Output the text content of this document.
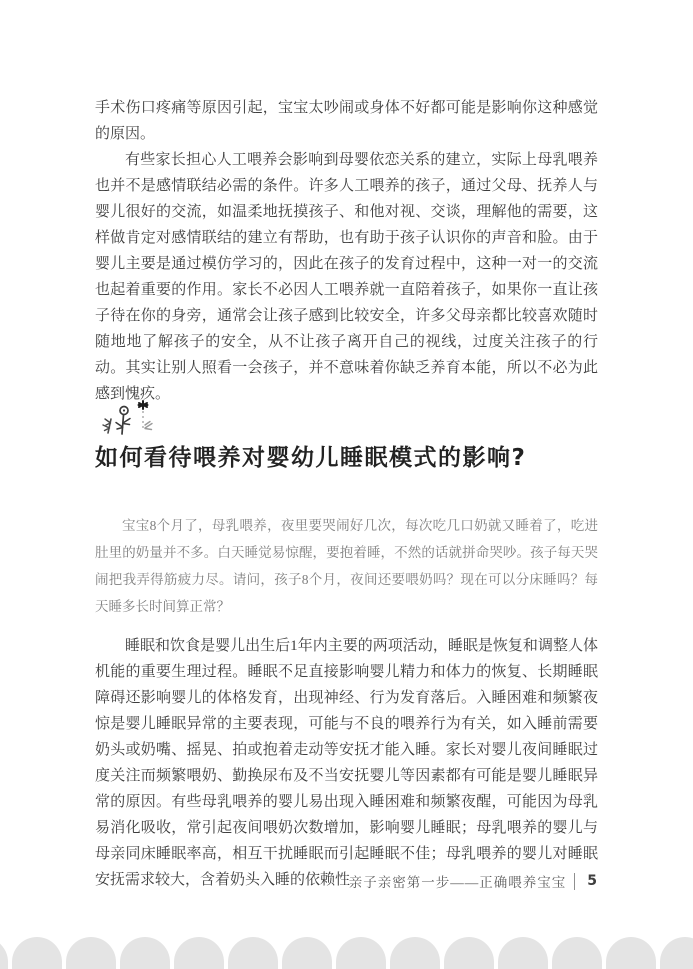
手术伤口疼痛等原因引起，宝宝太吵闹或身体不好都可能是影响你这种感觉的原因。

有些家长担心人工喂养会影响到母婴依恋关系的建立，实际上母乳喂养也并不是感情联结必需的条件。许多人工喂养的孩子，通过父母、抚养人与婴儿很好的交流，如温柔地抚摸孩子、和他对视、交谈，理解他的需要，这样做肯定对感情联结的建立有帮助，也有助于孩子认识你的声音和脸。由于婴儿主要是通过模仿学习的，因此在孩子的发育过程中，这种一对一的交流也起着重要的作用。家长不必因人工喂养就一直陪着孩子，如果你一直让孩子待在你的身旁，通常会让孩子感到比较安全，许多父母亲都比较喜欢随时随地地了解孩子的安全，从不让孩子离开自己的视线，过度关注孩子的行动。其实让别人照看一会孩子，并不意味着你缺乏养育本能，所以不必为此感到愧疚。

如何看待喂养对婴幼儿睡眠模式的影响?

宝宝8个月了，母乳喂养，夜里要哭闹好几次，每次吃几口奶就又睡着了，吃进肚里的奶量并不多。白天睡觉易惊醒，要抱着睡，不然的话就拼命哭吵。孩子每天哭闹把我弄得筋疲力尽。请问，孩子8个月，夜间还要喂奶吗？现在可以分床睡吗？每天睡多长时间算正常？

睡眠和饮食是婴儿出生后1年内主要的两项活动，睡眠是恢复和调整人体机能的重要生理过程。睡眠不足直接影响婴儿精力和体力的恢复、长期睡眠障碍还影响婴儿的体格发育，出现神经、行为发育落后。入睡困难和频繁夜惊是婴儿睡眠异常的主要表现，可能与不良的喂养行为有关，如入睡前需要奶头或奶嘴、摇晃、拍或抱着走动等安抚才能入睡。家长对婴儿夜间睡眠过度关注而频繁喂奶、勤换尿布及不当安抚婴儿等因素都有可能是婴儿睡眠异常的原因。有些母乳喂养的婴儿易出现入睡困难和频繁夜醒，可能因为母乳易消化吸收，常引起夜间喂奶次数增加，影响婴儿睡眠；母乳喂养的婴儿与母亲同床睡眠率高，相互干扰睡眠而引起睡眠不佳；母乳喂养的婴儿对睡眠安抚需求较大，含着奶头入睡的依赖性

亲子亲密第一步——正确喂养宝宝 5
